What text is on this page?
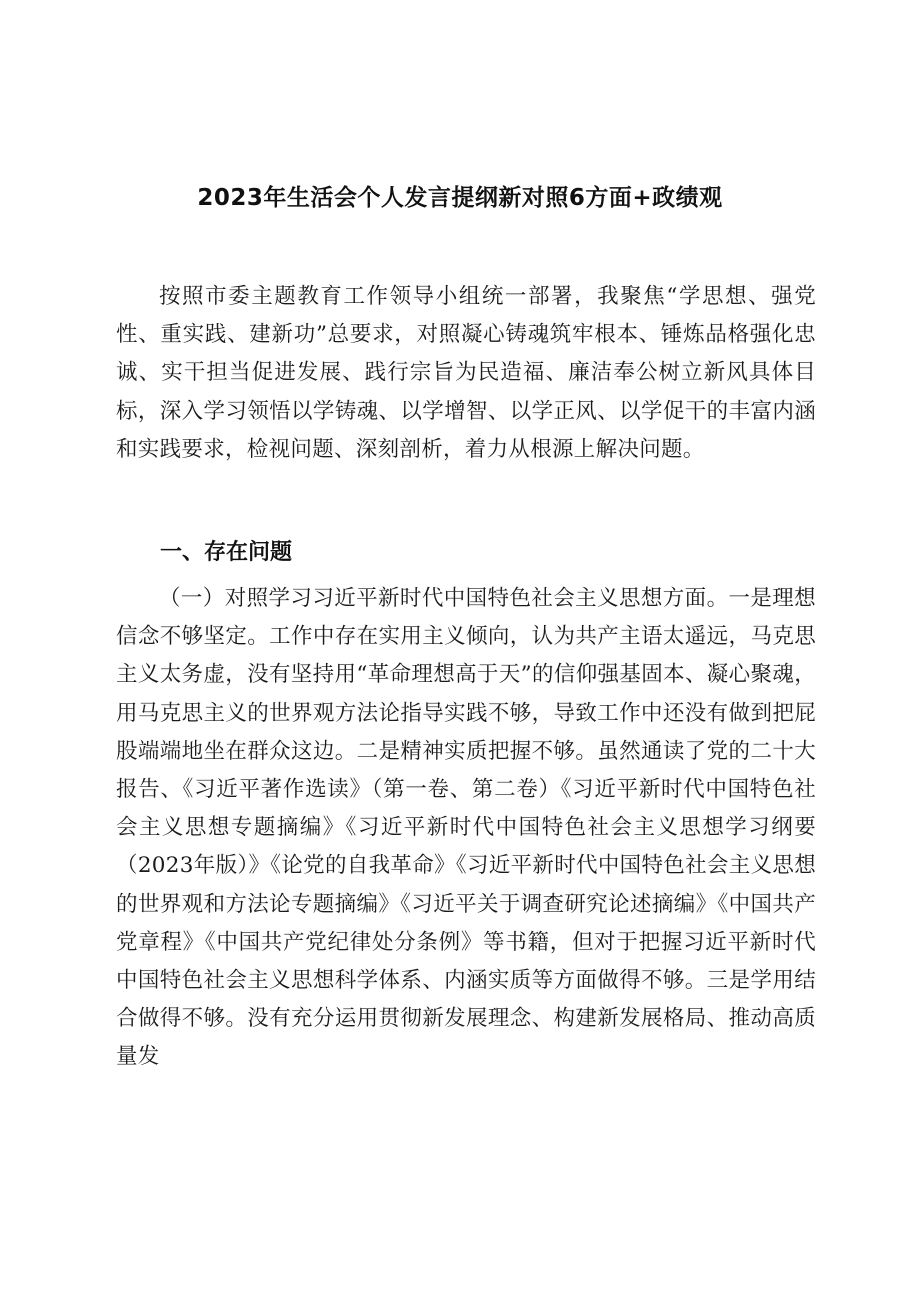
2023年生活会个人发言提纲新对照6方面+政绩观

按照市委主题教育工作领导小组统一部署，我聚焦“学思想、强党性、重实践、建新功”总要求，对照凝心铸魂筑牢根本、锤炼品格强化忠诚、实干担当促进发展、践行宗旨为民造福、廉洁奉公树立新风具体目标，深入学习领悟以学铸魂、以学增智、以学正风、以学促干的丰富内涵和实践要求，检视问题、深刻剖析，着力从根源上解决问题。

一、存在问题

（一）对照学习习近平新时代中国特色社会主义思想方面。一是理想信念不够坚定。工作中存在实用主义倾向，认为共产主语太遥远，马克思主义太务虚，没有坚持用“革命理想高于天”的信仰强基固本、凝心聚魂，用马克思主义的世界观方法论指导实践不够，导致工作中还没有做到把屁股端端地坐在群众这边。二是精神实质把握不够。虽然通读了党的二十大报告、《习近平著作选读》（第一卷、第二卷）《习近平新时代中国特色社会主义思想专题摘编》《习近平新时代中国特色社会主义思想学习纲要（2023年版）》《论党的自我革命》《习近平新时代中国特色社会主义思想的世界观和方法论专题摘编》《习近平关于调查研究论述摘编》《中国共产党章程》《中国共产党纪律处分条例》等书籍，但对于把握习近平新时代中国特色社会主义思想科学体系、内涵实质等方面做得不够。三是学用结合做得不够。没有充分运用贯彻新发展理念、构建新发展格局、推动高质量发
